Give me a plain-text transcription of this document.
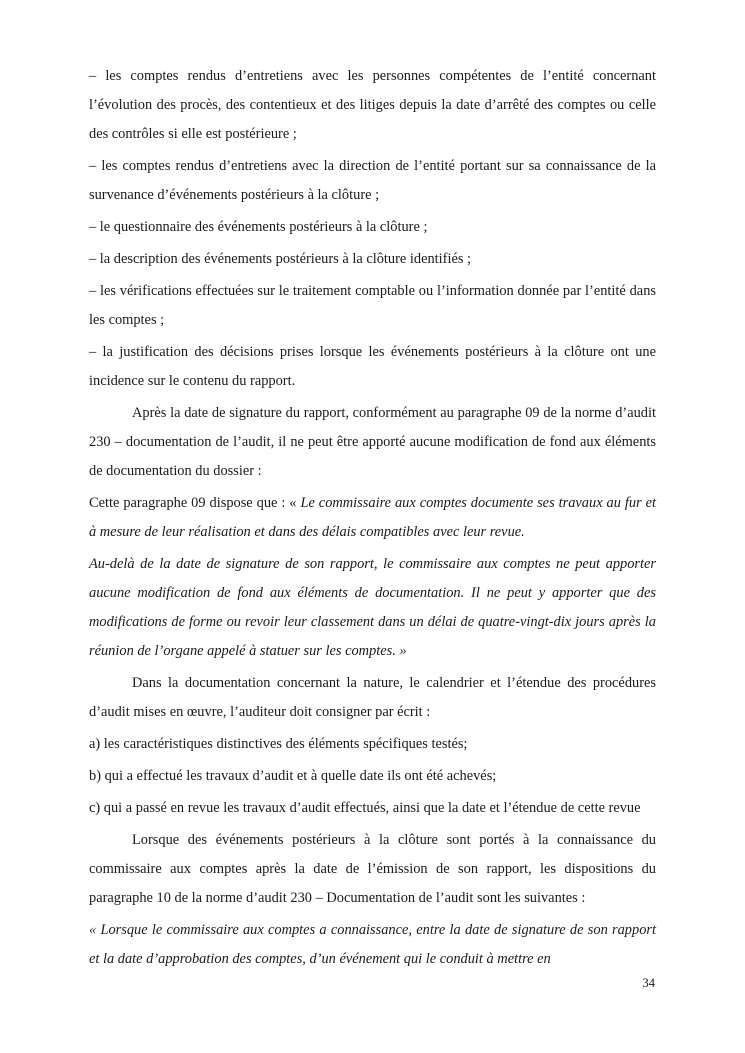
– les comptes rendus d’entretiens avec les personnes compétentes de l’entité concernant l’évolution des procès, des contentieux et des litiges depuis la date d’arrêté des comptes ou celle des contrôles si elle est postérieure ;

– les comptes rendus d’entretiens avec la direction de l’entité portant sur sa connaissance de la survenance d’événements postérieurs à la clôture ;

– le questionnaire des événements postérieurs à la clôture ;

– la description des événements postérieurs à la clôture identifiés ;

– les vérifications effectuées sur le traitement comptable ou l’information donnée par l’entité dans les comptes ;

– la justification des décisions prises lorsque les événements postérieurs à la clôture ont une incidence sur le contenu du rapport.

Après la date de signature du rapport, conformément au paragraphe 09 de la norme d’audit 230 – documentation de l’audit, il ne peut être apporté aucune modification de fond aux éléments de documentation du dossier :

Cette paragraphe 09 dispose que : « Le commissaire aux comptes documente ses travaux au fur et à mesure de leur réalisation et dans des délais compatibles avec leur revue.

Au-delà de la date de signature de son rapport, le commissaire aux comptes ne peut apporter aucune modification de fond aux éléments de documentation. Il ne peut y apporter que des modifications de forme ou revoir leur classement dans un délai de quatre-vingt-dix jours après la réunion de l’organe appelé à statuer sur les comptes. »

Dans la documentation concernant la nature, le calendrier et l’étendue des procédures d’audit mises en œuvre, l’auditeur doit consigner par écrit :

a) les caractéristiques distinctives des éléments spécifiques testés;

b) qui a effectué les travaux d’audit et à quelle date ils ont été achevés;

c) qui a passé en revue les travaux d’audit effectués, ainsi que la date et l’étendue de cette revue

Lorsque des événements postérieurs à la clôture sont portés à la connaissance du commissaire aux comptes après la date de l’émission de son rapport, les dispositions du paragraphe 10 de la norme d’audit 230 – Documentation de l’audit sont les suivantes :

« Lorsque le commissaire aux comptes a connaissance, entre la date de signature de son rapport et la date d’approbation des comptes, d’un événement qui le conduit à mettre en

34
